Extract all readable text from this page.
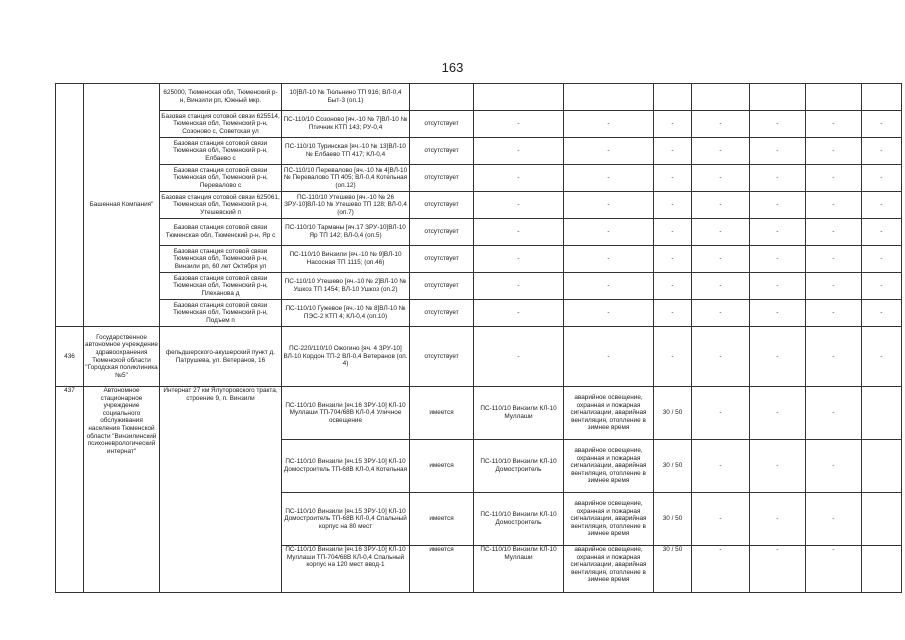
163
	Башенная Компания"	625000, Тюменская обл, Тюменский р-н, Винзили рп, Южный мкр.	10]ВЛ-10 № Тюльнино ТП 916; ВЛ-0,4 Быт-3 (оп.1)								
		Базовая станция сотовой связи 625514, Тюменская обл, Тюменский р-н, Созоново с, Советская ул	ПС-110/10 Созоново [яч.-10 № 7]ВЛ-10 № Птичник КТП 143; РУ-0,4	отсутствует	-	-	-	-	-	-	-
		Базовая станция сотовой связи Тюменская обл, Тюменский р-н, Елбаево с	ПС-110/10 Туринская [яч.-10 № 13]ВЛ-10 № Елбаево ТП 417; КЛ-0,4	отсутствует	-	-	-	-	-	-	-
		Базовая станция сотовой связи Тюменская обл, Тюменский р-н, Перевалово с	ПС-110/10 Перевалово [яч.-10 № 4]ВЛ-10 № Перевалово ТП 405; ВЛ-0,4 Котельная (оп.12)	отсутствует	-	-	-	-	-	-	-
		Базовая станция сотовой связи 625061, Тюменская обл, Тюменский р-н, Утешевский п	ПС-110/10 Утешево [яч.-10 № 26 ЗРУ-10]ВЛ-10 № Утешево ТП 128; ВЛ-0,4 (оп.7)	отсутствует	-	-	-	-	-	-	-
		Базовая станция сотовой связи Тюменская обл, Тюменский р-н, Яр с	ПС-110/10 Тарманы [яч.17 ЗРУ-10]ВЛ-10 Яр ТП 142; ВЛ-0,4 (оп.5)	отсутствует	-	-	-	-	-	-	-
		Базовая станция сотовой связи Тюменская обл, Тюменский р-н, Винзили рп, 60 лет Октября ул	ПС-110/10 Винзили [яч.-10 № 9]ВЛ-10 Насосная ТП 1115; (оп.46)	отсутствует	-	-	-	-	-	-	-
		Базовая станция сотовой связи Тюменская обл, Тюменский р-н, Плеханова д	ПС-110/10 Утешево [яч.-10 № 2]ВЛ-10 № Ушкоз ТП 1454; ВЛ-10 Ушкоз (оп.2)	отсутствует	-	-	-	-	-	-	-
		Базовая станция сотовой связи Тюменская обл, Тюменский р-н, Подъем п	ПС-110/10 Гужевое [яч.-10 № 8]ВЛ-10 № ПЭС-2 КТП 4; КЛ-0,4 (оп.10)	отсутствует	-	-	-	-	-	-	-
436	Государственное автономное учреждение здравоохранения Тюменской области "Городская поликлиника №5"	фельдшерского-акушерский пункт д. Патрушева, ул. Ветеранов, 16	ПС-220/110/10 Ожогино [яч. 4 ЗРУ-10] ВЛ-10 Кордон ТП-2 ВЛ-0,4 Ветеранов (оп. 4)	отсутствует	-	-	-	-	-	-	-
437	Автономное стационарное учреждение социального обслуживания населения Тюменской области "Винзилинский психоневрологический интернат"	Интернат 27 км Ялуторовского тракта, строение 9, п. Винзили	ПС-110/10 Винзили [яч.16 ЗРУ-10] КЛ-10 Муллаши ТП-704/68В КЛ-0,4 Уличное освещение	имеется	ПС-110/10 Винзили КЛ-10 Муллаши	аварийное освещение, охранная и пожарная сигнализации, аварийная вентиляция, отопление в зимнее время	30 / 50	-	-	-	
			ПС-110/10 Винзили [яч.15 ЗРУ-10] КЛ-10 Домостроитель ТП-68В КЛ-0,4 Котельная	имеется	ПС-110/10 Винзили КЛ-10 Домостроитель	аварийное освещение, охранная и пожарная сигнализации, аварийная вентиляция, отопление в зимнее время	30 / 50	-	-	-	
			ПС-110/10 Винзили [яч.15 ЗРУ-10] КЛ-10 Домостроитель ТП-68В КЛ-0,4 Спальный корпус на 80 мест	имеется	ПС-110/10 Винзили КЛ-10 Домостроитель	аварийное освещение, охранная и пожарная сигнализации, аварийная вентиляция, отопление в зимнее время	30 / 50	-	-	-	
			ПС-110/10 Винзили [яч.16 ЗРУ-10] КЛ-10 Муллаши ТП-704/68В КЛ-0,4 Спальный корпус на 120 мест ввод-1	имеется	ПС-110/10 Винзили КЛ-10 Муллаши	аварийное освещение, охранная и пожарная сигнализации, аварийная вентиляция, отопление в зимнее время	30 / 50	-	-	-	
